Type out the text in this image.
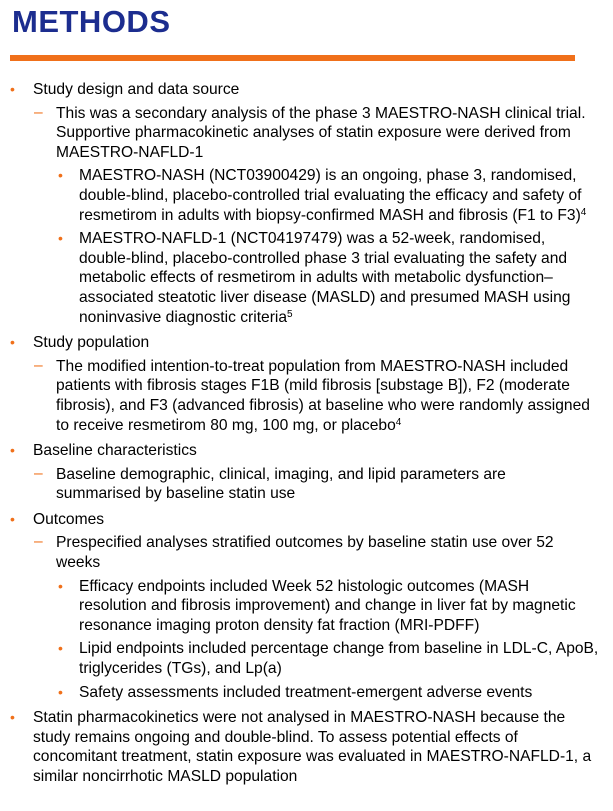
METHODS
• Study design and data source
– This was a secondary analysis of the phase 3 MAESTRO-NASH clinical trial. Supportive pharmacokinetic analyses of statin exposure were derived from MAESTRO-NAFLD-1
• MAESTRO-NASH (NCT03900429) is an ongoing, phase 3, randomised, double-blind, placebo-controlled trial evaluating the efficacy and safety of resmetirom in adults with biopsy-confirmed MASH and fibrosis (F1 to F3)$^4$
• MAESTRO-NAFLD-1 (NCT04197479) was a 52-week, randomised, double-blind, placebo-controlled phase 3 trial evaluating the safety and metabolic effects of resmetirom in adults with metabolic dysfunction–associated steatotic liver disease (MASLD) and presumed MASH using noninvasive diagnostic criteria$^5$
• Study population
– The modified intention-to-treat population from MAESTRO-NASH included patients with fibrosis stages F1B (mild fibrosis [substage B]), F2 (moderate fibrosis), and F3 (advanced fibrosis) at baseline who were randomly assigned to receive resmetirom 80 mg, 100 mg, or placebo$^4$
• Baseline characteristics
– Baseline demographic, clinical, imaging, and lipid parameters are summarised by baseline statin use
• Outcomes
– Prespecified analyses stratified outcomes by baseline statin use over 52 weeks
• Efficacy endpoints included Week 52 histologic outcomes (MASH resolution and fibrosis improvement) and change in liver fat by magnetic resonance imaging proton density fat fraction (MRI-PDFF)
• Lipid endpoints included percentage change from baseline in LDL-C, ApoB, triglycerides (TGs), and Lp(a)
• Safety assessments included treatment-emergent adverse events
• Statin pharmacokinetics were not analysed in MAESTRO-NASH because the study remains ongoing and double-blind. To assess potential effects of concomitant treatment, statin exposure was evaluated in MAESTRO-NAFLD-1, a similar noncirrhotic MASLD population
